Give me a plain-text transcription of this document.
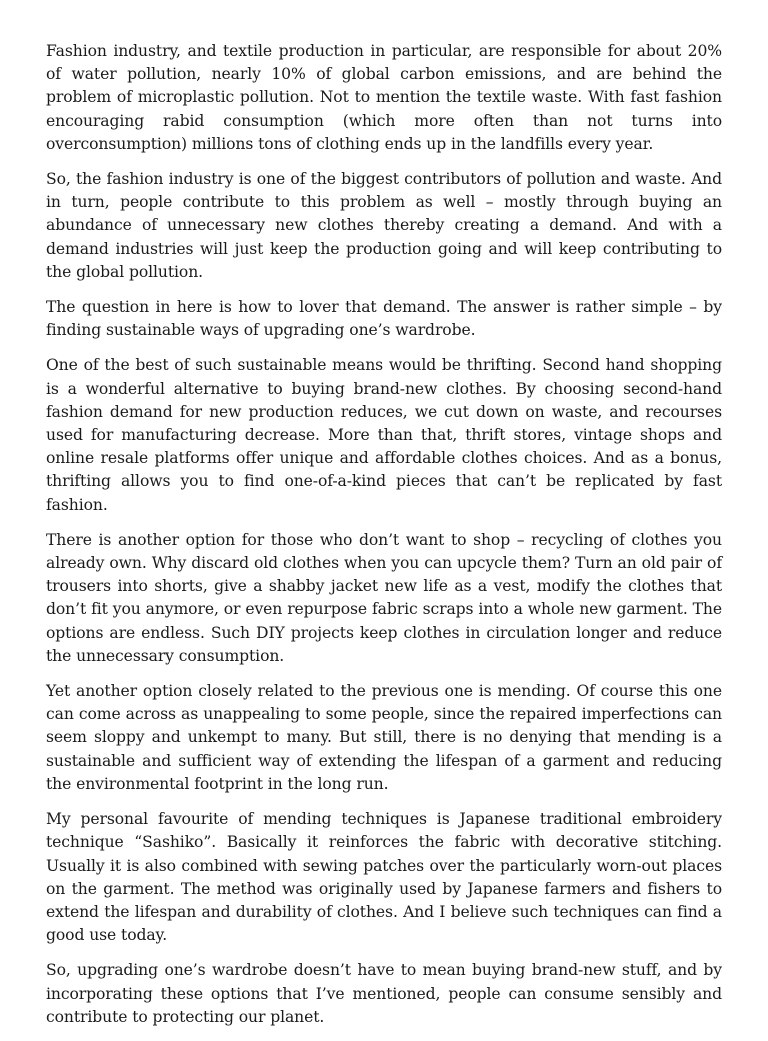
Fashion industry, and textile production in particular, are responsible for about 20% of water pollution, nearly 10% of global carbon emissions, and are behind the problem of microplastic pollution. Not to mention the textile waste. With fast fashion encouraging rabid consumption (which more often than not turns into overconsumption) millions tons of clothing ends up in the landfills every year.

So, the fashion industry is one of the biggest contributors of pollution and waste. And in turn, people contribute to this problem as well – mostly through buying an abundance of unnecessary new clothes thereby creating a demand. And with a demand industries will just keep the production going and will keep contributing to the global pollution.

The question in here is how to lover that demand. The answer is rather simple – by finding sustainable ways of upgrading one’s wardrobe.

One of the best of such sustainable means would be thrifting. Second hand shopping is a wonderful alternative to buying brand-new clothes. By choosing second-hand fashion demand for new production reduces, we cut down on waste, and recourses used for manufacturing decrease. More than that, thrift stores, vintage shops and online resale platforms offer unique and affordable clothes choices. And as a bonus, thrifting allows you to find one-of-a-kind pieces that can’t be replicated by fast fashion.

There is another option for those who don’t want to shop – recycling of clothes you already own. Why discard old clothes when you can upcycle them? Turn an old pair of trousers into shorts, give a shabby jacket new life as a vest, modify the clothes that don’t fit you anymore, or even repurpose fabric scraps into a whole new garment. The options are endless. Such DIY projects keep clothes in circulation longer and reduce the unnecessary consumption.

Yet another option closely related to the previous one is mending. Of course this one can come across as unappealing to some people, since the repaired imperfections can seem sloppy and unkempt to many. But still, there is no denying that mending is a sustainable and sufficient way of extending the lifespan of a garment and reducing the environmental footprint in the long run.

My personal favourite of mending techniques is Japanese traditional embroidery technique “Sashiko”. Basically it reinforces the fabric with decorative stitching. Usually it is also combined with sewing patches over the particularly worn-out places on the garment. The method was originally used by Japanese farmers and fishers to extend the lifespan and durability of clothes. And I believe such techniques can find a good use today.

So, upgrading one’s wardrobe doesn’t have to mean buying brand-new stuff, and by incorporating these options that I’ve mentioned, people can consume sensibly and contribute to protecting our planet.
